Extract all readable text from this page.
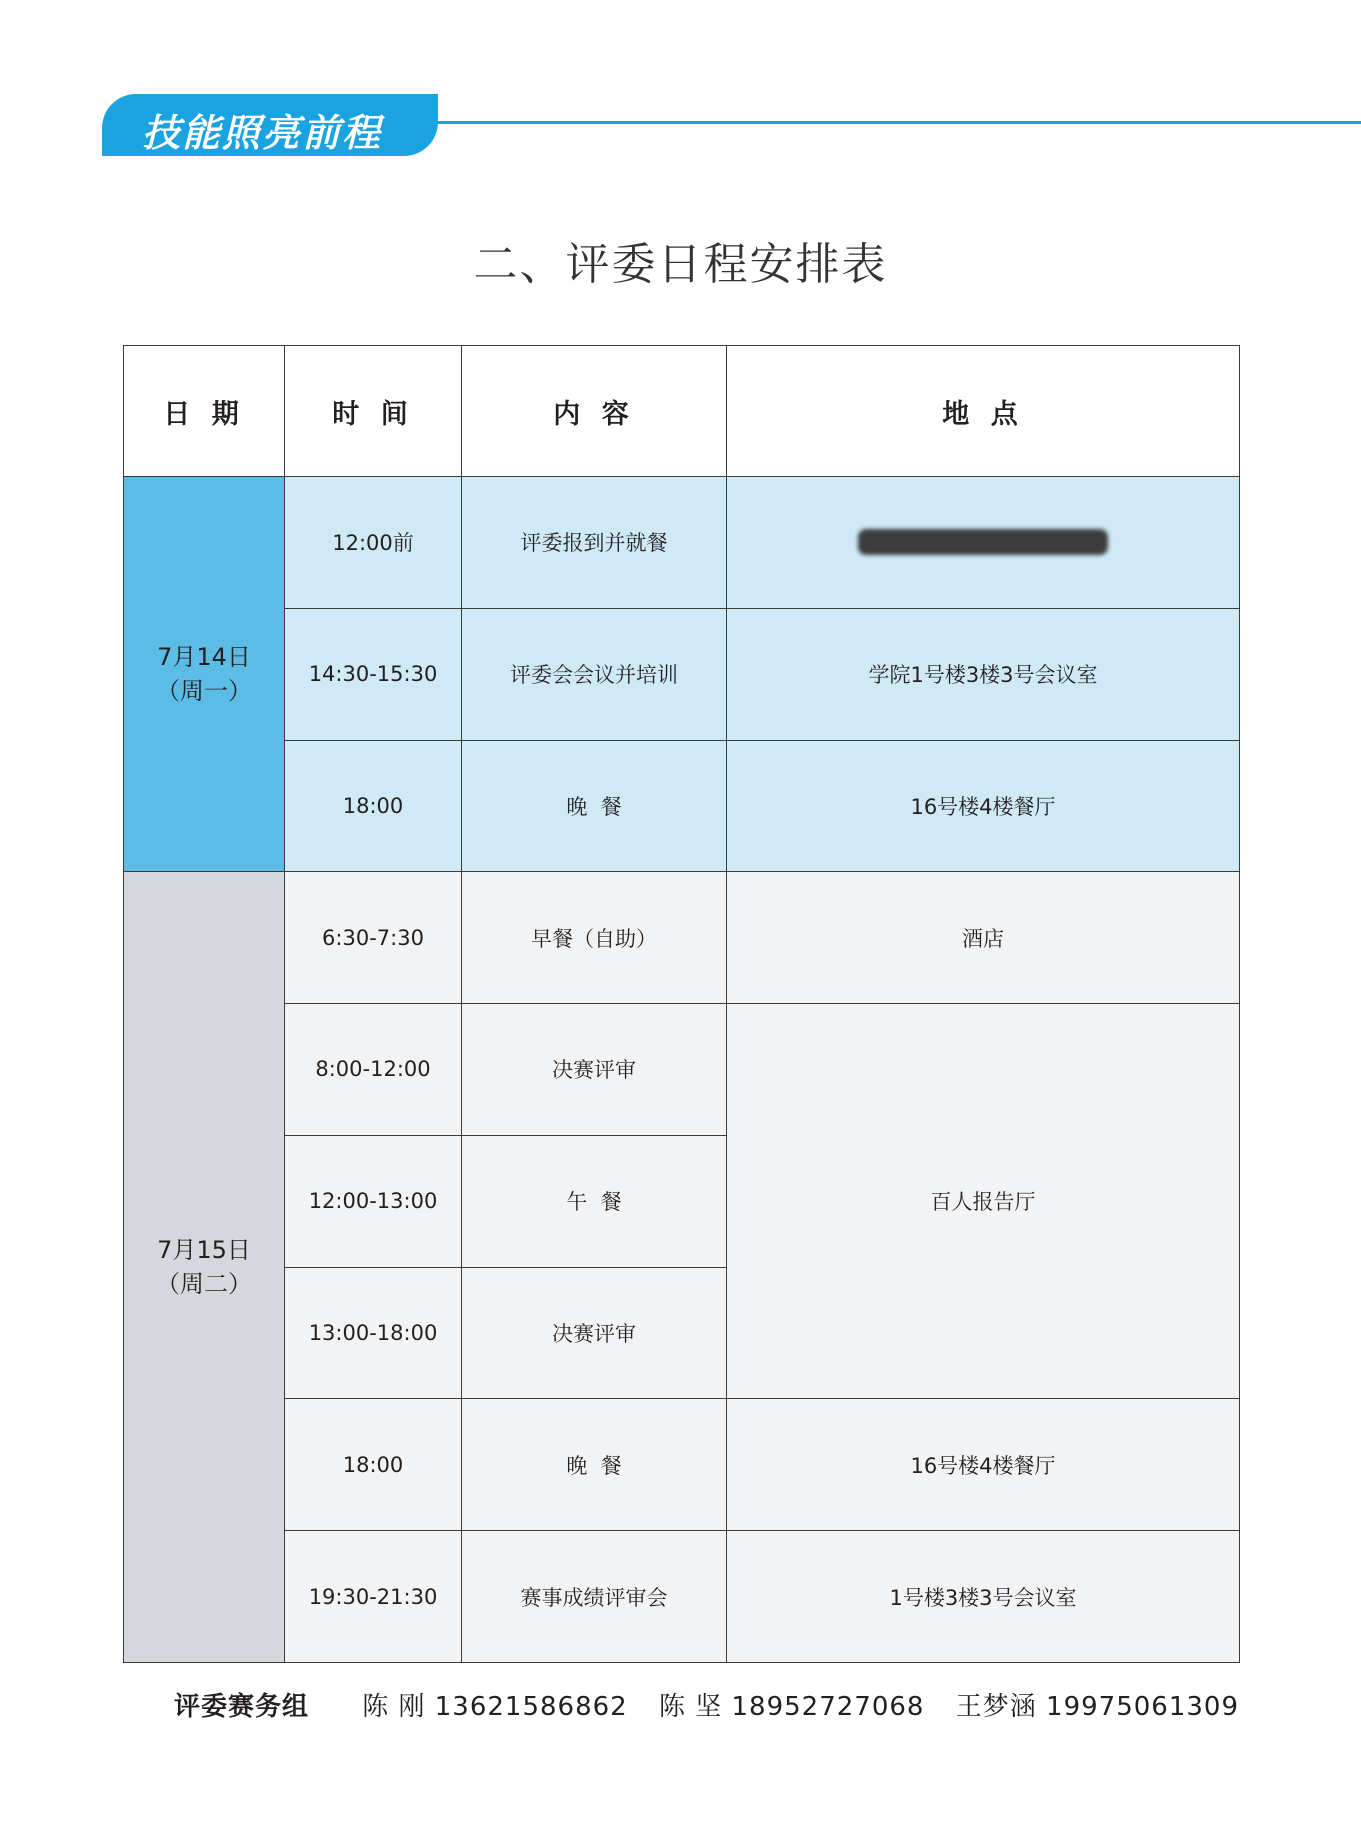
技能照亮前程
二、评委日程安排表
日 期	时 间	内 容	地 点

7月14日
（周一）	12:00前	评委报到并就餐	
	14:30-15:30	评委会会议并培训	学院1号楼3楼3号会议室
	18:00	晚  餐	16号楼4楼餐厅

7月15日
（周二）	6:30-7:30	早餐（自助）	酒店
	8:00-12:00	决赛评审	百人报告厅
	12:00-13:00	午  餐	
	13:00-18:00	决赛评审	
	18:00	晚  餐	16号楼4楼餐厅
	19:30-21:30	赛事成绩评审会	1号楼3楼3号会议室
评委赛务组 陈 刚 13621586862 陈 坚 18952727068 王梦涵 19975061309
